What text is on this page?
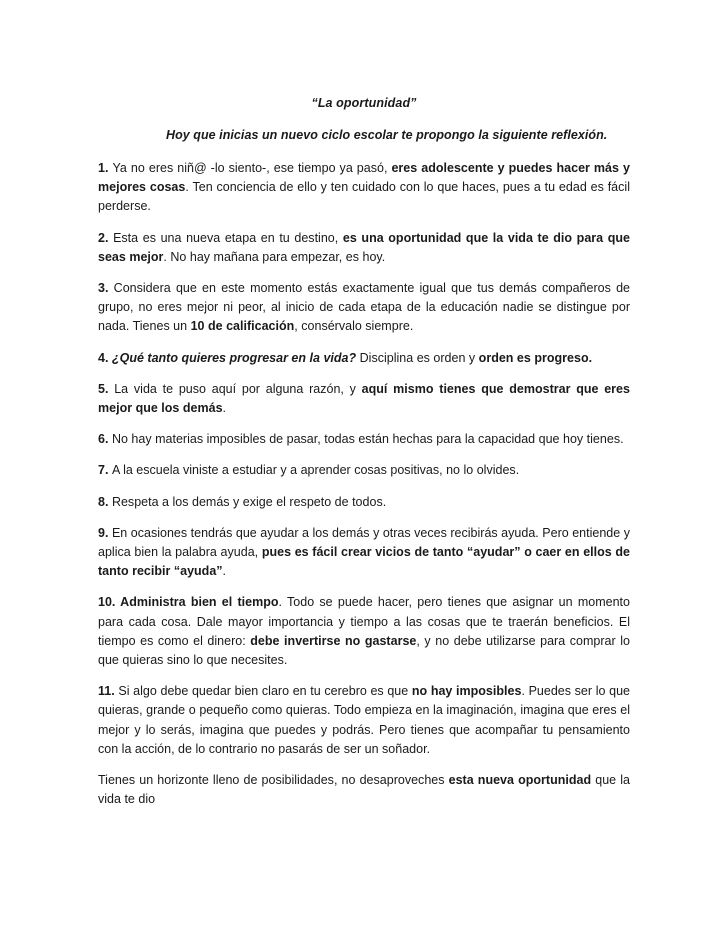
“La oportunidad”

Hoy que inicias un nuevo ciclo escolar te propongo la siguiente reflexión.

1. Ya no eres niñ@ -lo siento-, ese tiempo ya pasó, eres adolescente y puedes hacer más y mejores cosas. Ten conciencia de ello y ten cuidado con lo que haces, pues a tu edad es fácil perderse.

2. Esta es una nueva etapa en tu destino, es una oportunidad que la vida te dio para que seas mejor. No hay mañana para empezar, es hoy.

3. Considera que en este momento estás exactamente igual que tus demás compañeros de grupo, no eres mejor ni peor, al inicio de cada etapa de la educación nadie se distingue por nada. Tienes un 10 de calificación, consérvalo siempre.

4. ¿Qué tanto quieres progresar en la vida? Disciplina es orden y orden es progreso.

5. La vida te puso aquí por alguna razón, y aquí mismo tienes que demostrar que eres mejor que los demás.

6. No hay materias imposibles de pasar, todas están hechas para la capacidad que hoy tienes.

7. A la escuela viniste a estudiar y a aprender cosas positivas, no lo olvides.

8. Respeta a los demás y exige el respeto de todos.

9. En ocasiones tendrás que ayudar a los demás y otras veces recibirás ayuda. Pero entiende y aplica bien la palabra ayuda, pues es fácil crear vicios de tanto “ayudar” o caer en ellos de tanto recibir “ayuda”.

10. Administra bien el tiempo. Todo se puede hacer, pero tienes que asignar un momento para cada cosa. Dale mayor importancia y tiempo a las cosas que te traerán beneficios. El tiempo es como el dinero: debe invertirse no gastarse, y no debe utilizarse para comprar lo que quieras sino lo que necesites.

11. Si algo debe quedar bien claro en tu cerebro es que no hay imposibles. Puedes ser lo que quieras, grande o pequeño como quieras. Todo empieza en la imaginación, imagina que eres el mejor y lo serás, imagina que puedes y podrás. Pero tienes que acompañar tu pensamiento con la acción, de lo contrario no pasarás de ser un soñador.

Tienes un horizonte lleno de posibilidades, no desaproveches esta nueva oportunidad que la vida te dio
